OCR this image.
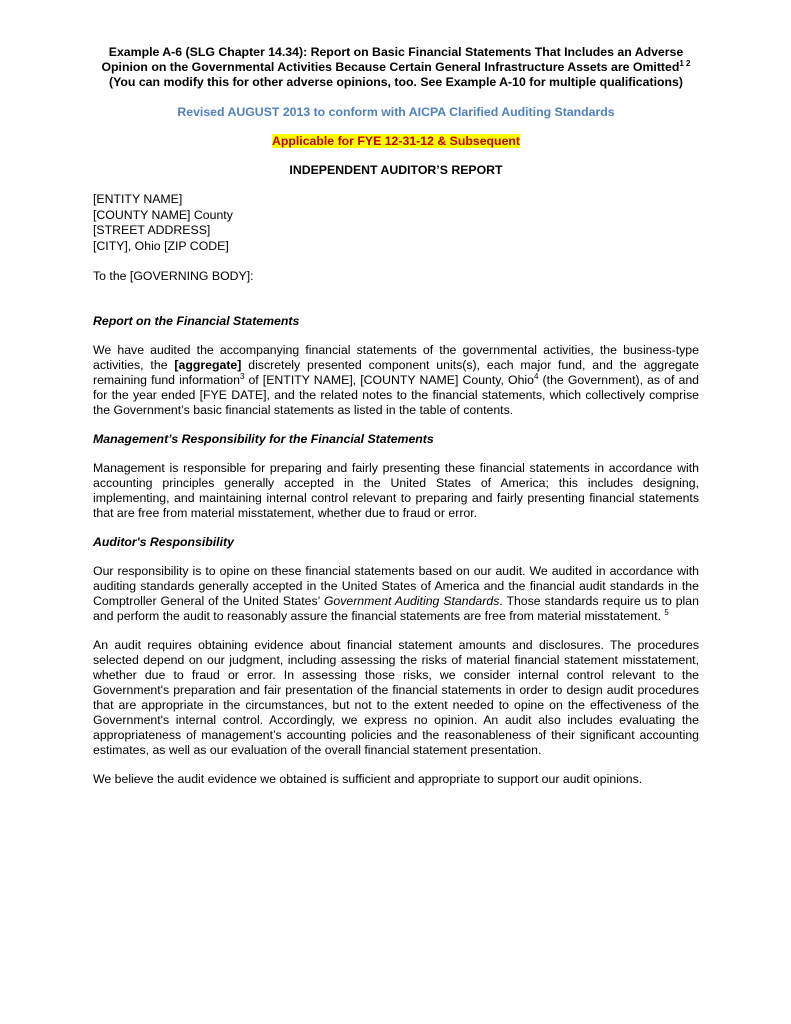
Example A-6 (SLG Chapter 14.34): Report on Basic Financial Statements That Includes an Adverse Opinion on the Governmental Activities Because Certain General Infrastructure Assets are Omitted$^{1 2}$
(You can modify this for other adverse opinions, too. See Example A-10 for multiple qualifications)
Revised AUGUST 2013 to conform with AICPA Clarified Auditing Standards
Applicable for FYE 12-31-12 & Subsequent
INDEPENDENT AUDITOR’S REPORT
[ENTITY NAME]
[COUNTY NAME] County
[STREET ADDRESS]
[CITY], Ohio [ZIP CODE]
To the [GOVERNING BODY]:
Report on the Financial Statements
We have audited the accompanying financial statements of the governmental activities, the business-type activities, the [aggregate] discretely presented component units(s), each major fund, and the aggregate remaining fund information$^3$ of [ENTITY NAME], [COUNTY NAME] County, Ohio$^4$ (the Government), as of and for the year ended [FYE DATE], and the related notes to the financial statements, which collectively comprise the Government’s basic financial statements as listed in the table of contents.
Management’s Responsibility for the Financial Statements
Management is responsible for preparing and fairly presenting these financial statements in accordance with accounting principles generally accepted in the United States of America; this includes designing, implementing, and maintaining internal control relevant to preparing and fairly presenting financial statements that are free from material misstatement, whether due to fraud or error.
Auditor's Responsibility
Our responsibility is to opine on these financial statements based on our audit. We audited in accordance with auditing standards generally accepted in the United States of America and the financial audit standards in the Comptroller General of the United States’ Government Auditing Standards. Those standards require us to plan and perform the audit to reasonably assure the financial statements are free from material misstatement. $^5$
An audit requires obtaining evidence about financial statement amounts and disclosures. The procedures selected depend on our judgment, including assessing the risks of material financial statement misstatement, whether due to fraud or error. In assessing those risks, we consider internal control relevant to the Government's preparation and fair presentation of the financial statements in order to design audit procedures that are appropriate in the circumstances, but not to the extent needed to opine on the effectiveness of the Government's internal control. Accordingly, we express no opinion. An audit also includes evaluating the appropriateness of management’s accounting policies and the reasonableness of their significant accounting estimates, as well as our evaluation of the overall financial statement presentation.
We believe the audit evidence we obtained is sufficient and appropriate to support our audit opinions.
